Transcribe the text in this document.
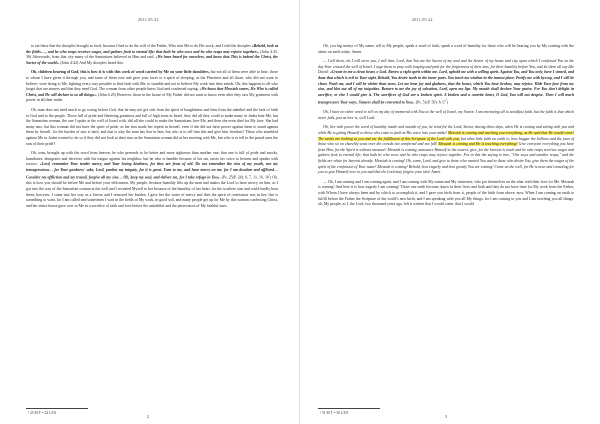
2011.05.22

to eat these that the disciples brought as food, because I had to do the will of the Father, Who sent Me to do His work, and I told the disciples «Behold, look at the fields…., and he who reaps receives wages, and gathers fruit to eternal life; that both he who sows and he who reaps may rejoice together». (John 4:35, 36) Afterwards, from that city many of the Samaritans believed in Him and said, «We have heard for ourselves, and know that This is indeed the Christ, the Savior of the world». (John 4:42) And My disciples heard this.

Oh, children bearing of God, this is how it is with this work of word carried by Me on your little shoulders, but not all of them were able to bear; those to whom I have given it through you, and some of them rose and gave your faces to a spirit of sleeping, as the Pharisees and all those, who did not want to believe, were doing to Me, fighting every way possible to find fault with Me, to stumble and not to believe My work into their minds. Oh, this happens to all who forget that are sinners and that they need God. The woman from other people knew God and confessed saying: «We know that Messiah comes, He Who is called Christ, and He will declare to us all things». (John 4:25) However, those in the house of My Father did not want to know even after they saw My greatness with power in all their midst.

Oh, man does not need much to go wrong before God, that he may not get sick from the spirit of haughtiness and then from the unbelief and the lack of faith to God and to the people. Those full of pride and flattering greatness and full of high seats in Israel, they did all they could to make many in Judea hate Me, but the Samaritan woman, the one I spoke at the well of Israel with, did all she could to make the Samaritans love Me, and then she even died for My love. She had many sins, but this woman did not have the spirit of pride, as her sins made her repent in herself, even if she did not have power against them to stand against them by herself, for the burden of sins is hard, and that is why the man has fear in him, but who is to tell him this and give him freedom? Those who stumbled against Me in Judea wanted to do so if they did not look at their sins as the Samaritan woman did at her meeting with Me, but who is to tell to the proud ones the sins of their pride?

Oh, sons, brought up with the word from heaven, he who pretends to be better and more righteous than another one, that one is full of pride and mocks, humiliates, denigrates and deceives with his tongue against his neighbor, but he who is humble because of his sin, raises his voice to heaven and speaks with sorrow: «Lord, remember Your tender mercy, and Your loving kindness, for they are from of old. Do not remember the sins of my youth, nor my transgressions… for Your goodness' sake, Lord, pardon my iniquity, for it is great. Turn to me, and have mercy on me, for I am desolate and afflicted… Consider my affliction and my travail, forgive all my sins… Oh, keep my soul, and deliver me, for I take refuge in You». (Ps. 25(P. 24): 6, 7, 11, 16, $18^{^1}$) Oh, this is how you should be before Me and before your fellowmen, My people, because humility lifts up the man and makes the Lord to have mercy on him, as I got into the way of the Samaritan woman at the well and I revealed Myself to her because of the humility of her heart, for the sowhere sins and could hardly bear them; however, I came into her way as a Savior and I removed her burden. I gave her the water of mercy and then the spirit of confession was in her; this is something to want, for I am called and sometimes I wait in the fields of My work, in good soil, and many people get up for Me by this woman confessing Christ, and her entire house gave over to Me as a sacrifice of faith and love before the unfaithful and the persecutors of My faithful ones.

¹ 25 M T = 24 LXX
2
2011.05.22

Oh, you big martyr of My name, tell to My people, speak a word of faith, speak a word of humility for those who will be hearing you by My coming with the saints on earth today. Amen.

— I tell them, oh, I will serve you, I will then, Lord, that You are the Savior of my soul and the Savior of my house and city, upon which I confessed You on the day Your crossed the well of Israel. I urge them to pray with longing and path for the forgiveness of their sins, for their humility before You, and let them all say like David: «Create in me a clean heart, o God. Renew a right spirit within me. Lord, uphold me with a willing spirit. Against You, and You only, have I sinned, and done that which is evil in Your sight. Behold, You desire truth in the inner parts. You teach me wisdom in the inmost place. Purify me with hyssop, and I will be clean. Wash me, and I will be whiter than snow. Let me hear joy and gladness, that the bones, which You have broken, may rejoice. Hide Your face from my sins, and blot out all of my iniquities. Restore to me the joy of salvation, Lord, open my lips. My mouth shall declare Your praise. For You don't delight in sacrifice, or else I would give it. The sacrifices of God are a broken spirit. A broken and a contrite heart, O God, You will not despise. Then I will teach transgressors Your ways. Sinners shall be converted to You». (Ps. 51(P. 50): $6-17^{^1}$)

Oh, I have no other word to tell on my day of memorial with You at the well of Israel, my Savior. I am entreating all to steadfast faith, but the faith is that which never fails, just as love is, well Lord.

Oh, live with power the word of humility inside and outside of you, be tried for the Lord, Savior, during these days, when He is coming and sitting with you and while He is giving Himself to those who come to faith at His voice into your midst! Messiah is coming and teaching you everything, as He said that He would come! The saints are looking at you and are the fulfillment of this Scripture of the Lord with you, but what little faith on earth is; how beggar the hollows and the jaws of those who sit on churchly seats over the crowds not comforted and not full! Messiah is coming and He is teaching everything! Give everyone everything you have from Him, for the Spirit is without measure! Messiah is coming, announce Himself to the sowers, give, for the harvest is much and he who reaps receives wages and gathers fruit to eternal life; that both he who sows and he who reaps may rejoice together. For in this the saying is true, "One sows and another reaps," and the fields are white for harvest already. Messiah is coming! Oh, come, Lord, and give to those who wanted You and to those who desire You, give them the wages of the spirit of the confession of Your name! Messiah is coming! Behold, how eagerly and how greatly You are coming! Come on the well, for He is near and consoling for you to give Himself over to you and that the Lord may forgive your sins! Amen.

— Oh, I am coming and I am coming again, and I am coming with My saints and My witnesses, who put themselves on the altar with their love for Me. Messiah is coming! And here it is how eagerly I am coming! Those one earth become, know in their lives and faith and they do not have time for My work from the Father, with Whom I have always been and by which to accomplish it, and I gave you birth from it, people of the birth from above, now. When I am coming on earth to fulfill before the Father the Scripture of the world's new birth, and I am speaking with you all My things, for I am coming to you and I am teaching you all things, oh, My people, as I, the Lord, two thousand years ago, left it written that I would come, that I would

¹ 51 M T = 50 LXX
3
